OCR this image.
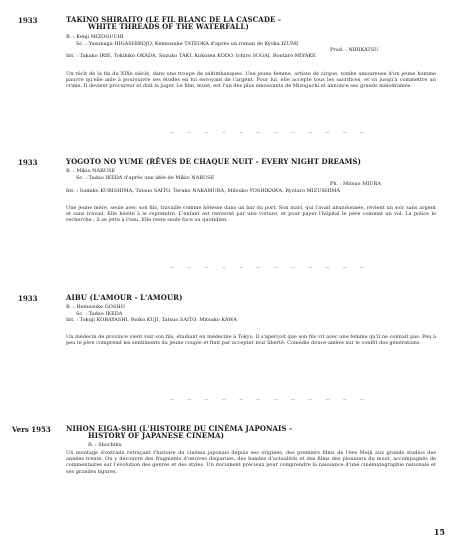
1933	TAKINO SHIRAITO (LE FIL BLANC DE LA CASCADE -
WHITE THREADS OF THE WATERFALL)
R. : Kenji MIZOGUCHI
Sc. : Yasunaga HIGASHIBOJO, Kennosuke TATEOKA d'après un roman de Kyoka IZUMI
Prod. : NIRIKATSU
Int. : Takako IRIE, Tokihiko OKADA, Suzuko TAKI, Kokuten KODO, Ichiro SUGAI, Bontaro MIYAKE
Un récit de la fin du XIXe siècle, dans une troupe de saltimbanques. Une jeune femme, artiste de cirque, tombe amoureuse d'un jeune homme pauvre qu'elle aide à poursuivre ses études en lui envoyant de l'argent. Pour lui, elle accepte tous les sacrifices, et va jusqu'à commettre un crime. Il devient procureur et doit la juger. Le film, muet, est l'un des plus émouvants de Mizoguchi et annonce ses grands mélodrames.
— — — — — — — — — — — —
1933	YOGOTO NO YUME (RÊVES DE CHAQUE NUIT - EVERY NIGHT DREAMS)
R. : Mikio NARUSE
Sc. : Tadao IKEDA d'après une idée de Mikio NARUSE
Ph. : Mitsuo MIURA
Int. : Sumiko KURISHIMA, Tatsuo SAITO, Teruko NAKAMURA, Mitsuko YOSHIKAWA, Ryotaro MIZUSHIMA
Une jeune mère, seule avec son fils, travaille comme hôtesse dans un bar du port. Son mari, qui l'avait abandonnée, revient un soir sans argent et sans travail. Elle hésite à le reprendre. L'enfant est renversé par une voiture, et pour payer l'hôpital le père commet un vol. La police le recherche ; il se jette à l'eau. Elle reste seule face au quotidien.
— — — — — — — — — — — —
1933	AIBU (L'AMOUR - L'AMOUR)
R. : Heinosuke GOSHO
Sc. : Tadao IKEDA
Int. : Tokuji KOBAYASHI, Reiko KUJI, Tatsuo SAITO, Mitsuko KAWA
Un médecin de province vient voir son fils, étudiant en médecine à Tokyo. Il s'aperçoit que son fils vit avec une femme qu'il ne connaît pas. Peu à peu le père comprend les sentiments du jeune couple et finit par accepter leur liberté. Comédie douce-amère sur le conflit des générations.
— — — — — — — — — — — —
Vers 1953 NIHON EIGA-SHI (L'HISTOIRE DU CINÉMA JAPONAIS -
HISTORY OF JAPANESE CINEMA)
R. : Shochiku
Un montage d'extraits retraçant l'histoire du cinéma japonais depuis ses origines, des premiers films de l'ère Meiji aux grands studios des années trente. On y découvre des fragments d'œuvres disparues, des bandes d'actualités et des films des pionniers du muet, accompagnés de commentaires sur l'évolution des genres et des styles. Un document précieux pour comprendre la naissance d'une cinématographie nationale et ses grandes figures.
15
